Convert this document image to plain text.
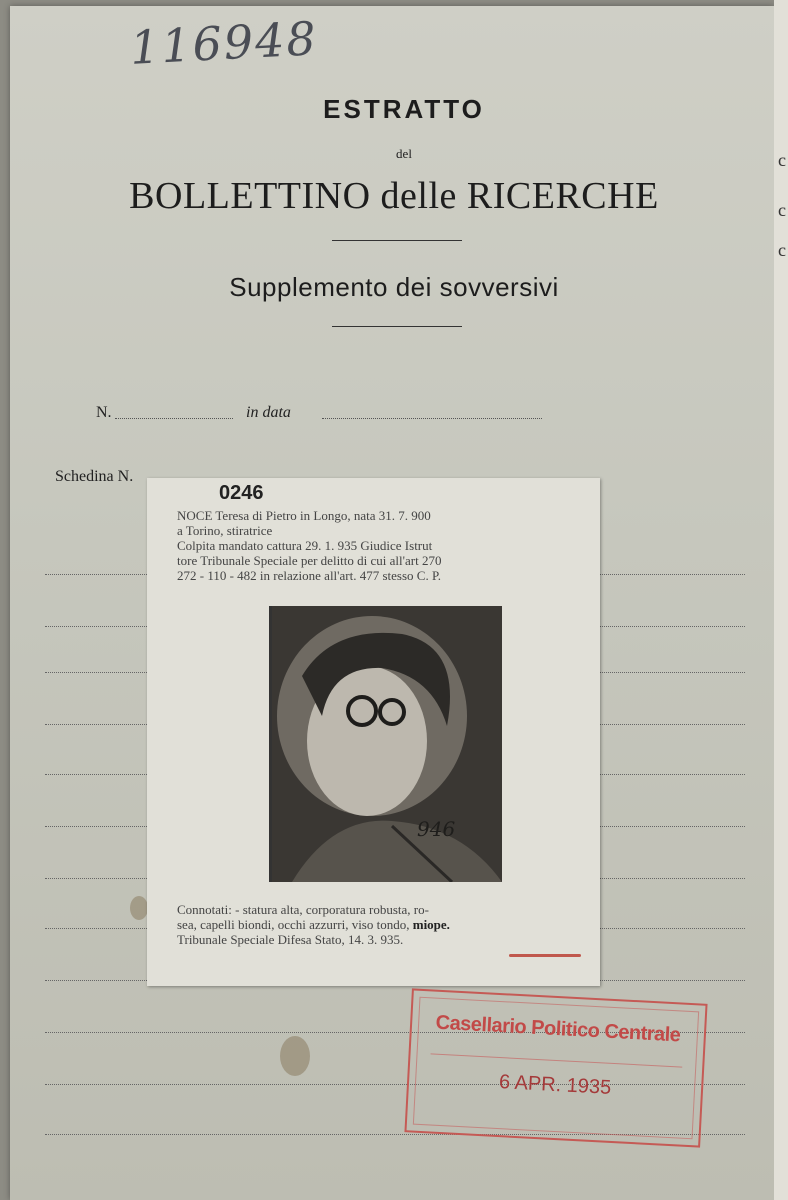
116948
ESTRATTO
del
BOLLETTINO delle RICERCHE
Supplemento dei sovversivi
N.	in data
Schedina N.
c
c
c
0246
NOCE Teresa di Pietro in Longo, nata 31. 7. 900
a Torino, stiratrice
Colpita mandato cattura 29. 1. 935 Giudice Istrut
tore Tribunale Speciale per delitto di cui all'art 270
272 - 110 - 482 in relazione all'art. 477 stesso C. P.
946
Connotati: - statura alta, corporatura robusta, ro-
sea, capelli biondi, occhi azzurri, viso tondo, miope.
Tribunale Speciale Difesa Stato, 14. 3. 935.
Casellario Politico Centrale
6 APR. 1935
